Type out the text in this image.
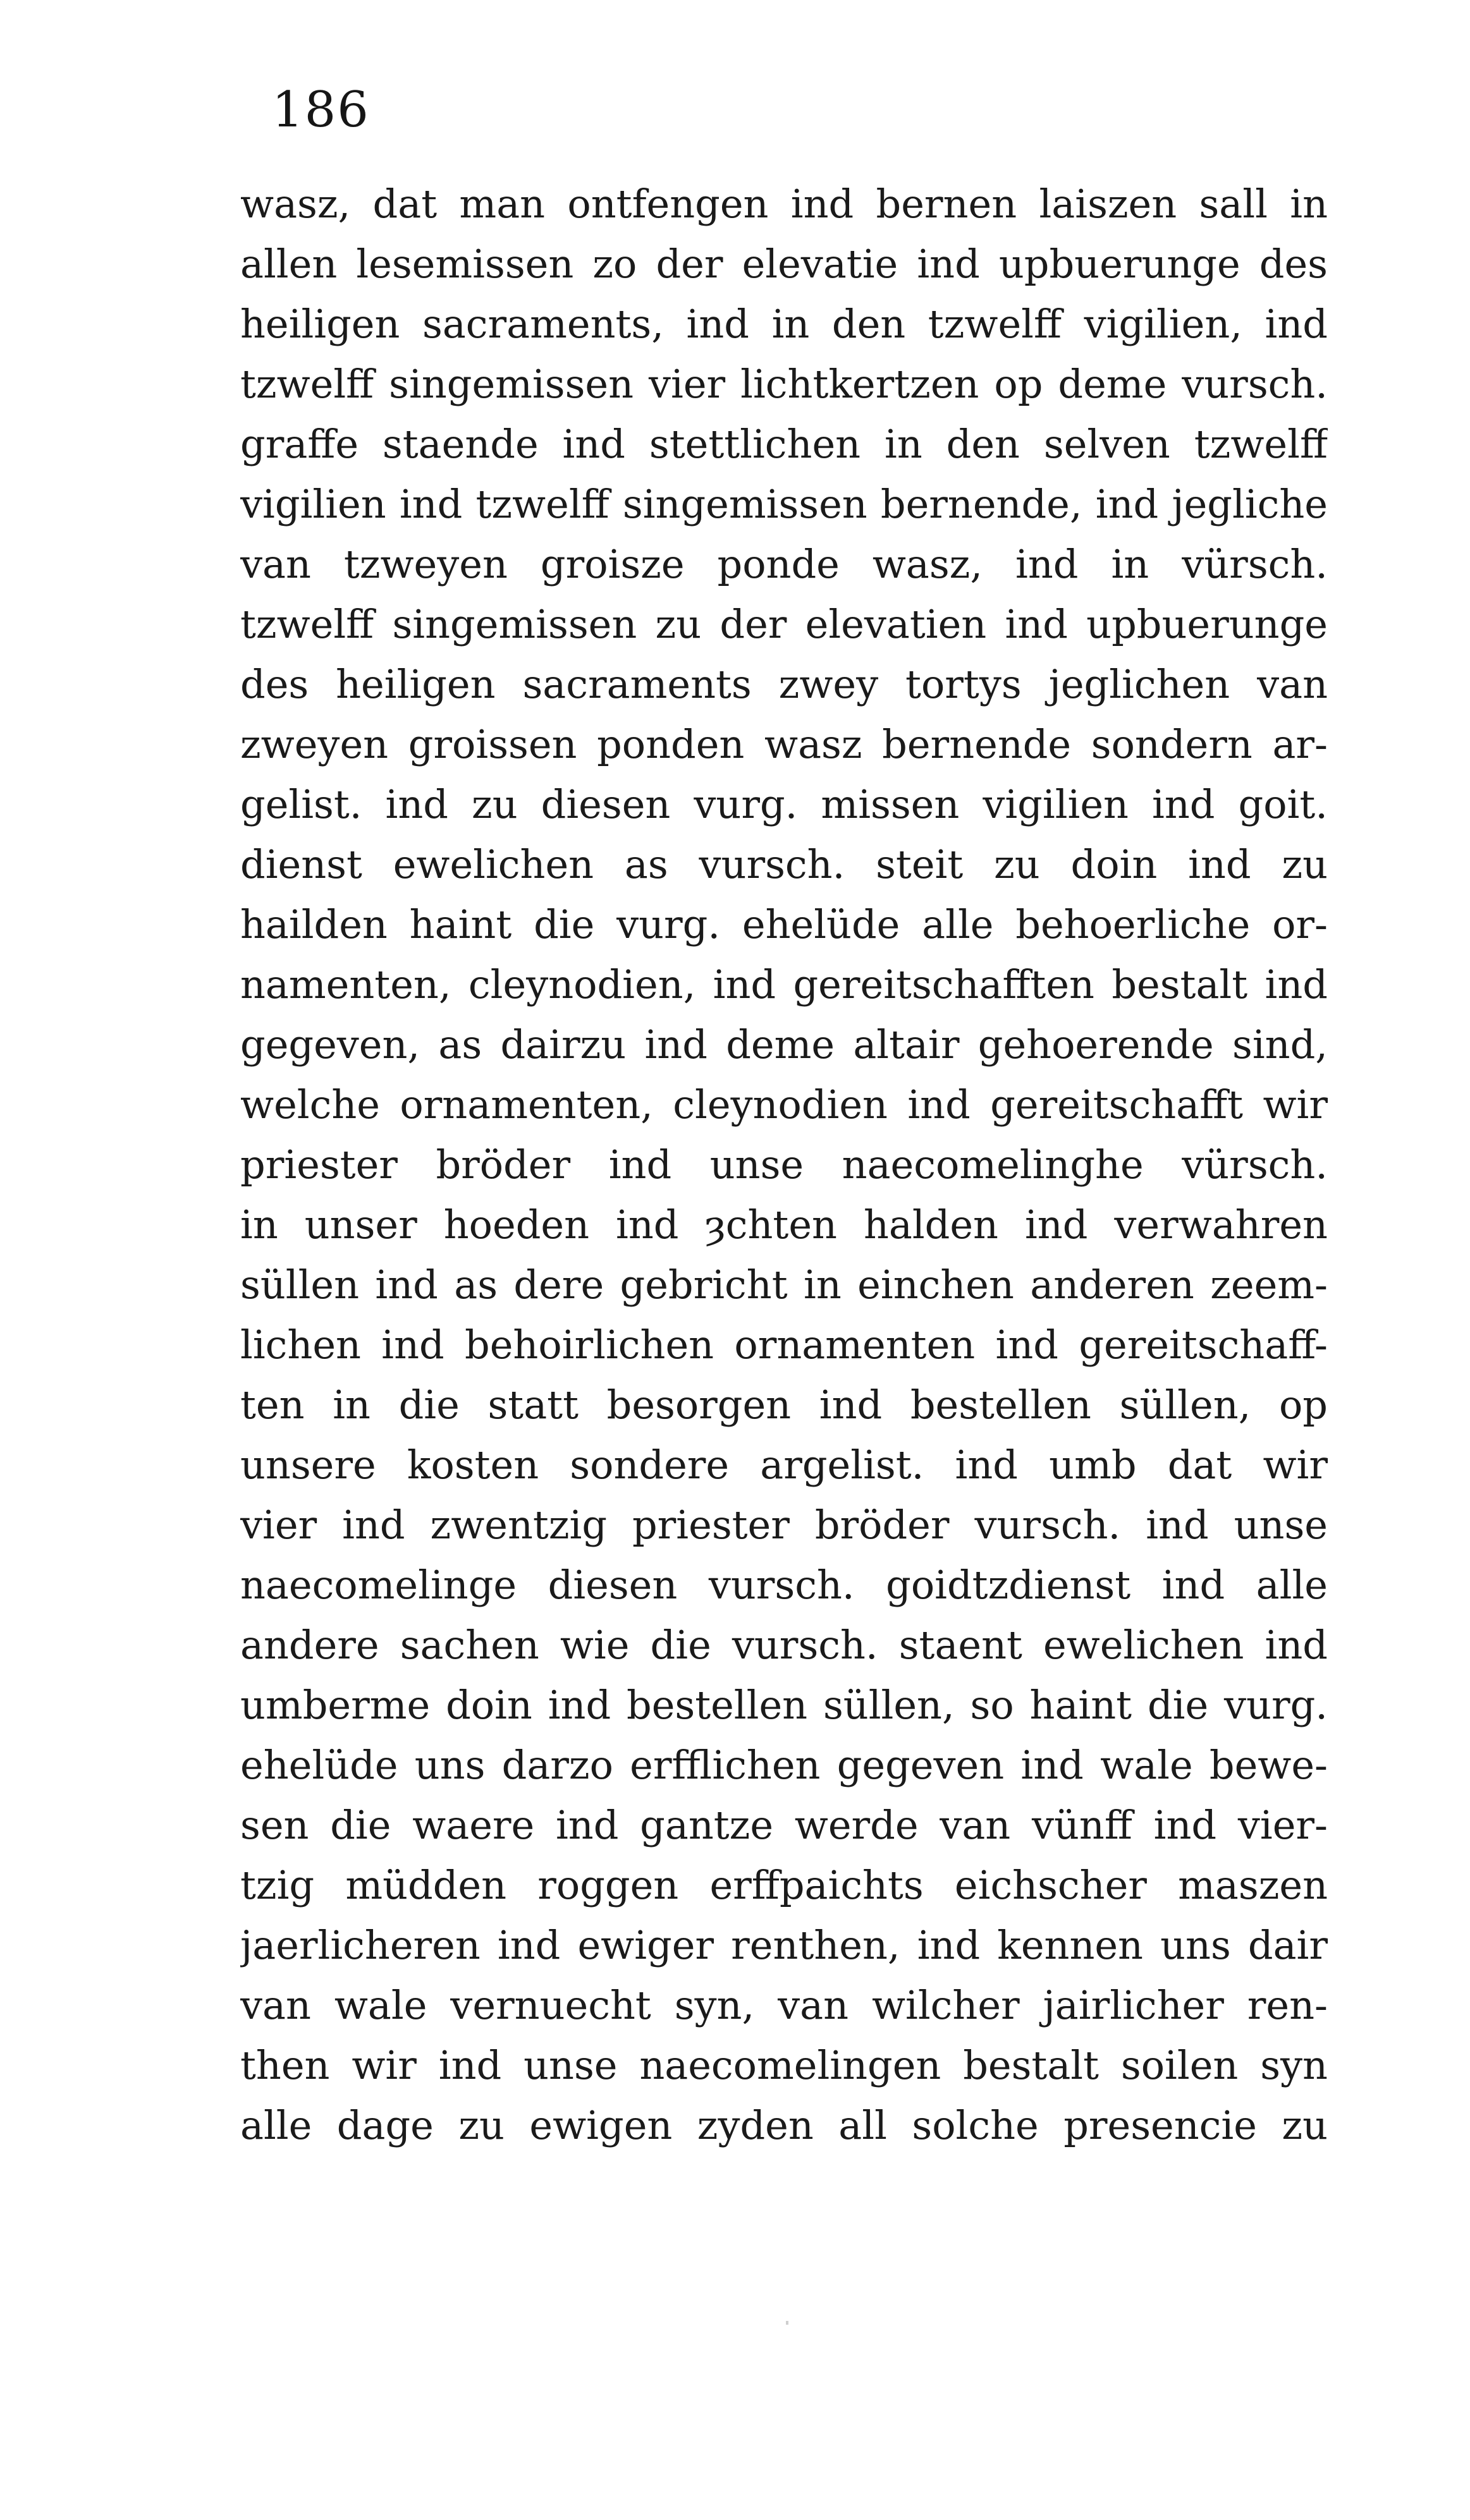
186
wasz, dat man ontfengen ind bernen laiszen sall in
allen lesemissen zo der elevatie ind upbuerunge des
heiligen sacraments, ind in den tzwelff vigilien, ind
tzwelff singemissen vier lichtkertzen op deme vursch.
graffe staende ind stettlichen in den selven tzwelff
vigilien ind tzwelff singemissen bernende, ind jegliche
van tzweyen groisze ponde wasz, ind in vürsch.
tzwelff singemissen zu der elevatien ind upbuerunge
des heiligen sacraments zwey tortys jeglichen van
zweyen groissen ponden wasz bernende sondern ar-
gelist. ind zu diesen vurg. missen vigilien ind goit.
dienst ewelichen as vursch. steit zu doin ind zu
hailden haint die vurg. ehelüde alle behoerliche or-
namenten, cleynodien, ind gereitschafften bestalt ind
gegeven, as dairzu ind deme altair gehoerende sind,
welche ornamenten, cleynodien ind gereitschafft wir
priester bröder ind unse naecomelinghe vürsch.
in unser hoeden ind ȝchten halden ind verwahren
süllen ind as dere gebricht in einchen anderen zeem-
lichen ind behoirlichen ornamenten ind gereitschaff-
ten in die statt besorgen ind bestellen süllen, op
unsere kosten sondere argelist. ind umb dat wir
vier ind zwentzig priester bröder vursch. ind unse
naecomelinge diesen vursch. goidtzdienst ind alle
andere sachen wie die vursch. staent ewelichen ind
umberme doin ind bestellen süllen, so haint die vurg.
ehelüde uns darzo erfflichen gegeven ind wale bewe-
sen die waere ind gantze werde van vünff ind vier-
tzig müdden roggen erffpaichts eichscher maszen
jaerlicheren ind ewiger renthen, ind kennen uns dair
van wale vernuecht syn, van wilcher jairlicher ren-
then wir ind unse naecomelingen bestalt soilen syn
alle dage zu ewigen zyden all solche presencie zu
